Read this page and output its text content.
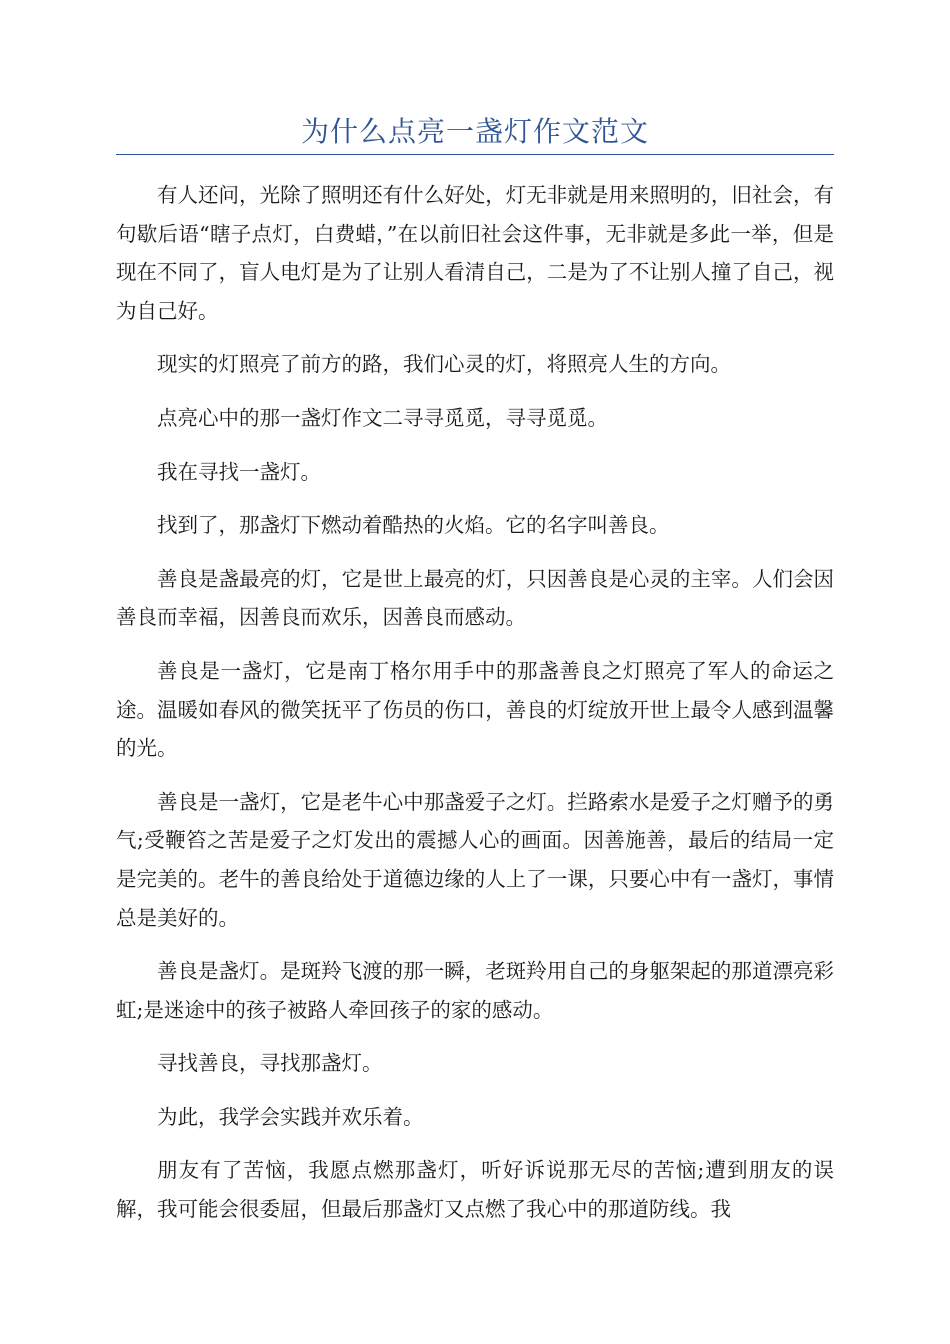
为什么点亮一盏灯作文范文

有人还问，光除了照明还有什么好处，灯无非就是用来照明的，旧社会，有句歇后语“瞎子点灯，白费蜡，”在以前旧社会这件事，无非就是多此一举，但是现在不同了，盲人电灯是为了让别人看清自己，二是为了不让别人撞了自己，视为自己好。

现实的灯照亮了前方的路，我们心灵的灯，将照亮人生的方向。

点亮心中的那一盏灯作文二寻寻觅觅，寻寻觅觅。

我在寻找一盏灯。

找到了，那盏灯下燃动着酷热的火焰。它的名字叫善良。

善良是盏最亮的灯，它是世上最亮的灯，只因善良是心灵的主宰。人们会因善良而幸福，因善良而欢乐，因善良而感动。

善良是一盏灯，它是南丁格尔用手中的那盏善良之灯照亮了军人的命运之途。温暖如春风的微笑抚平了伤员的伤口，善良的灯绽放开世上最令人感到温馨的光。

善良是一盏灯，它是老牛心中那盏爱子之灯。拦路索水是爱子之灯赠予的勇气;受鞭笞之苦是爱子之灯发出的震撼人心的画面。因善施善，最后的结局一定是完美的。老牛的善良给处于道德边缘的人上了一课，只要心中有一盏灯，事情总是美好的。

善良是盏灯。是斑羚飞渡的那一瞬，老斑羚用自己的身躯架起的那道漂亮彩虹;是迷途中的孩子被路人牵回孩子的家的感动。

寻找善良，寻找那盏灯。

为此，我学会实践并欢乐着。

朋友有了苦恼，我愿点燃那盏灯，听好诉说那无尽的苦恼;遭到朋友的误解，我可能会很委屈，但最后那盏灯又点燃了我心中的那道防线。我
